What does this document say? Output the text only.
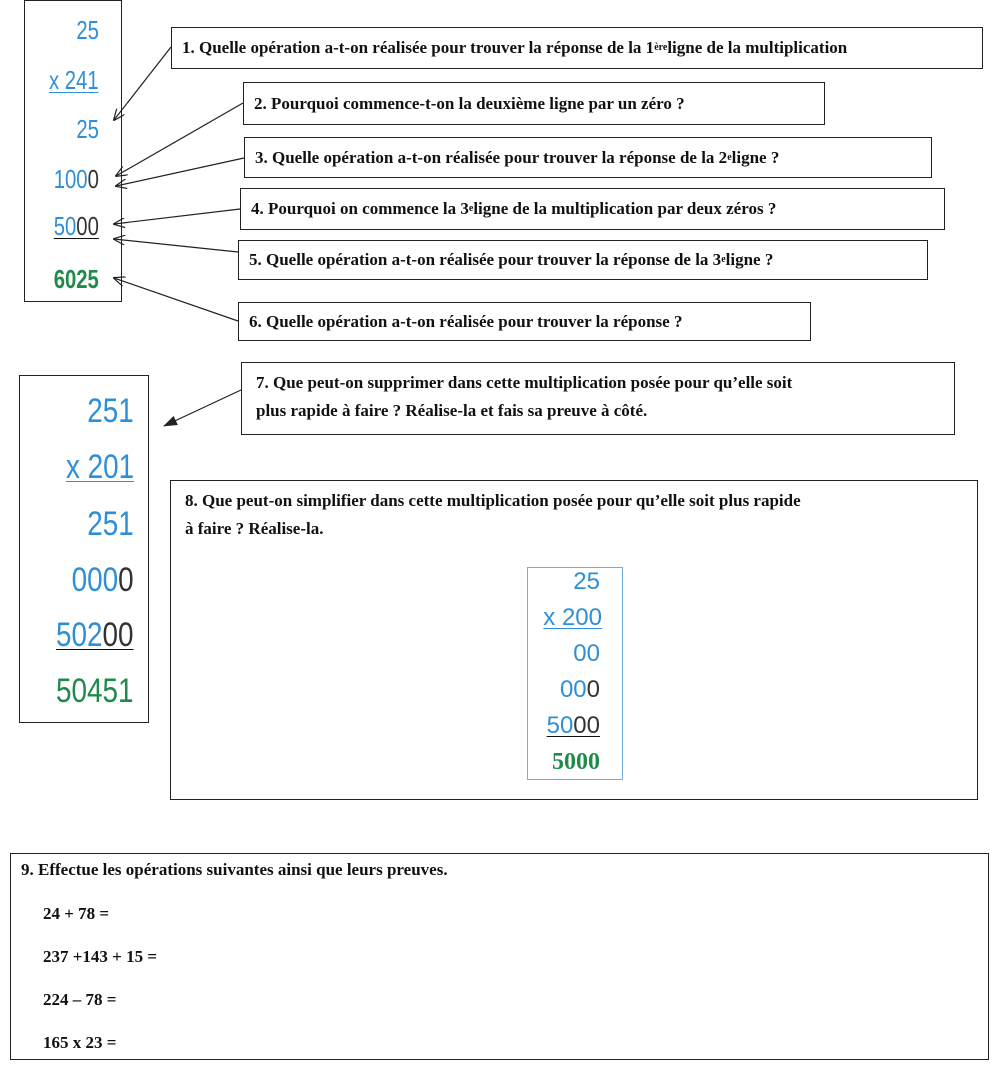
25
x 241
25
1000
5000
6025
1. Quelle opération a-t-on réalisée pour trouver la réponse de la 1 ère ligne de la multiplication
2. Pourquoi commence-t-on la deuxième ligne par un zéro ?
3. Quelle opération a-t-on réalisée pour trouver la réponse de la 2 e ligne ?
4. Pourquoi on commence la 3 e ligne de la multiplication par deux zéros ?
5. Quelle opération a-t-on réalisée pour trouver la réponse de la 3 e ligne ?
6. Quelle opération a-t-on réalisée pour trouver la réponse ?
251
x 201
251
0000
50200
50451
7. Que peut-on supprimer dans cette multiplication posée pour qu’elle soit
plus rapide à faire ? Réalise-la et fais sa preuve à côté.
8. Que peut-on simplifier dans cette multiplication posée pour qu’elle soit plus rapide
à faire ? Réalise-la.
25
x 200
00
000
5000
5000
9. Effectue les opérations suivantes ainsi que leurs preuves.
24 + 78 =
237 +143 + 15 =
224 – 78 =
165 x 23 =
